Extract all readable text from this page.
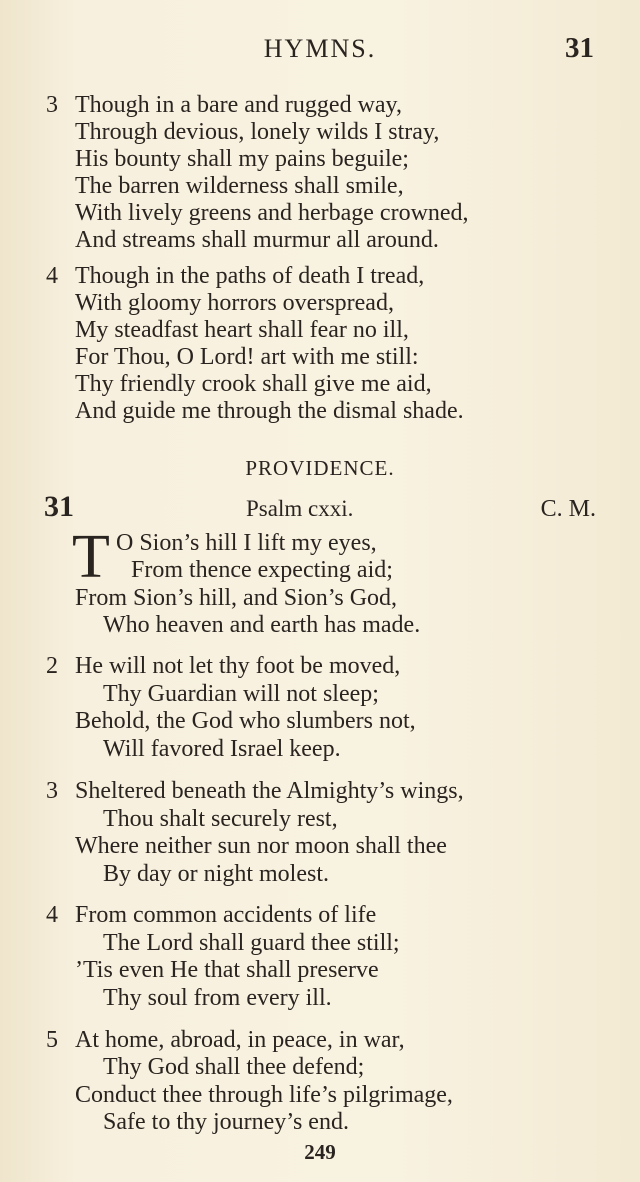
HYMNS.	31
3 Though in a bare and rugged way,
Through devious, lonely wilds I stray,
His bounty shall my pains beguile;
The barren wilderness shall smile,
With lively greens and herbage crowned,
And streams shall murmur all around.
4 Though in the paths of death I tread,
With gloomy horrors overspread,
My steadfast heart shall fear no ill,
For Thou, O Lord! art with me still:
Thy friendly crook shall give me aid,
And guide me through the dismal shade.
PROVIDENCE.
31	Psalm cxxi.	C. M.
T O Sion’s hill I lift my eyes,
From thence expecting aid;
From Sion’s hill, and Sion’s God,
Who heaven and earth has made.
2 He will not let thy foot be moved,
Thy Guardian will not sleep;
Behold, the God who slumbers not,
Will favored Israel keep.
3 Sheltered beneath the Almighty’s wings,
Thou shalt securely rest,
Where neither sun nor moon shall thee
By day or night molest.
4 From common accidents of life
The Lord shall guard thee still;
’Tis even He that shall preserve
Thy soul from every ill.
5 At home, abroad, in peace, in war,
Thy God shall thee defend;
Conduct thee through life’s pilgrimage,
Safe to thy journey’s end.
249
